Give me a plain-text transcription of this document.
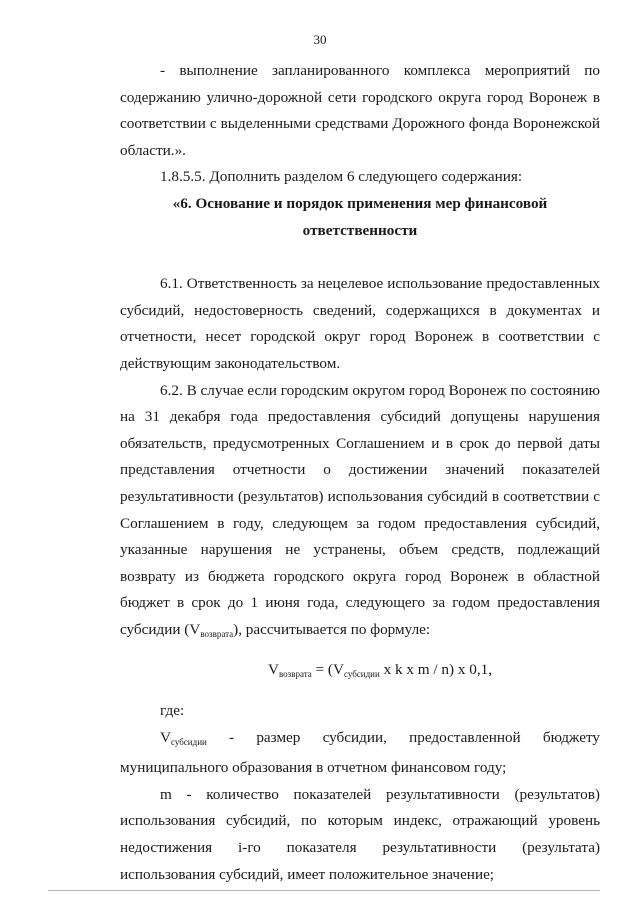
30

- выполнение запланированного комплекса мероприятий по содержанию улично-дорожной сети городского округа город Воронеж в соответствии с выделенными средствами Дорожного фонда Воронежской области.».

1.8.5.5. Дополнить разделом 6 следующего содержания:

«6. Основание и порядок применения мер финансовой

ответственности

6.1. Ответственность за нецелевое использование предоставленных субсидий, недостоверность сведений, содержащихся в документах и отчетности, несет городской округ город Воронеж в соответствии с действующим законодательством.

6.2. В случае если городским округом город Воронеж по состоянию на 31 декабря года предоставления субсидий допущены нарушения обязательств, предусмотренных Соглашением и в срок до первой даты представления отчетности о достижении значений показателей результативности (результатов) использования субсидий в соответствии с Соглашением в году, следующем за годом предоставления субсидий, указанные нарушения не устранены, объем средств, подлежащий возврату из бюджета городского округа город Воронеж в областной бюджет в срок до 1 июня года, следующего за годом предоставления субсидии $(V_{возврата})$, рассчитывается по формуле:

$V_{возврата} = (V_{субсидии}$ x k x m / n) x 0,1,

где:

$V_{субсидии}$ - размер субсидии, предоставленной бюджету муниципального образования в отчетном финансовом году;

m - количество показателей результативности (результатов) использования субсидий, по которым индекс, отражающий уровень недостижения i-го показателя результативности (результата) использования субсидий, имеет положительное значение;
